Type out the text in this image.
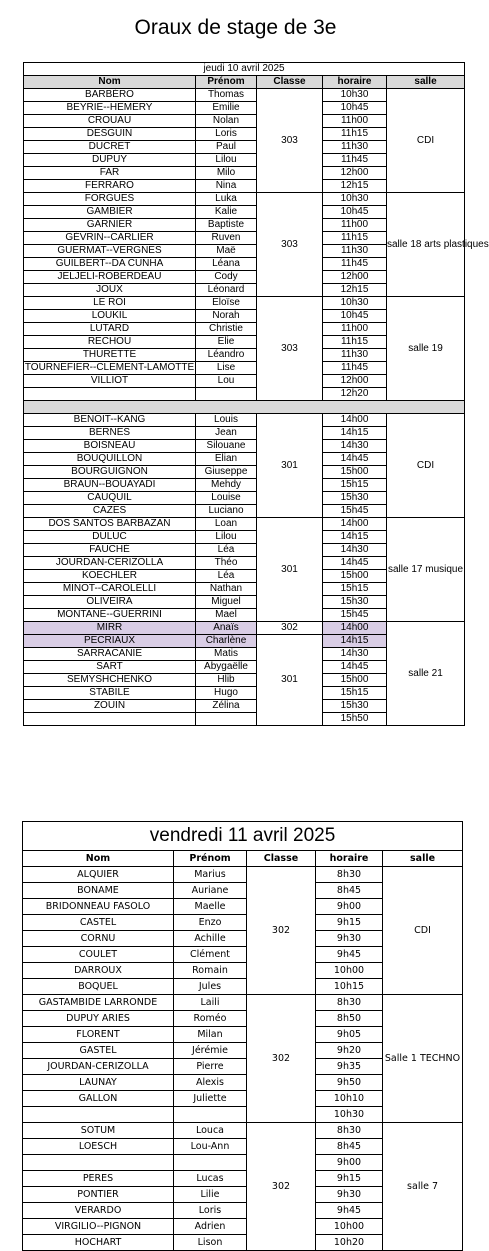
Oraux de stage de 3e
jeudi 10 avril 2025				
Nom	Prénom	Classe	horaire	salle
BARBÉRO	Thomas	303	10h30	CDI
BEYRIE--HEMERY	Emilie		10h45	
CROUAU	Nolan		11h00	
DESGUIN	Loris		11h15	
DUCRET	Paul		11h30	
DUPUY	Lilou		11h45	
FAR	Milo		12h00	
FERRARO	Nina		12h15	
FORGUES	Luka	303	10h30	salle 18 arts plastiques
GAMBIER	Kalie		10h45	
GARNIER	Baptiste		11h00	
GÉVRIN--CARLIER	Ruven		11h15	
GUERMAT--VERGNES	Maë		11h30	
GUILBERT--DA CUNHA	Léana		11h45	
JELJELI-ROBERDEAU	Cody		12h00	
JOUX	Léonard		12h15	
LE ROI	Eloïse	303	10h30	salle 19
LOUKIL	Norah		10h45	
LUTARD	Christie		11h00	
RECHOU	Elie		11h15	
THURETTE	Léandro		11h30	
TOURNEFIER--CLEMENT-LAMOTTE	Lise		11h45	
VILLIOT	Lou		12h00	
			12h20	

BENOIT--KANG	Louis	301	14h00	CDI
BERNES	Jean		14h15	
BOISNEAU	Silouane		14h30	
BOUQUILLON	Elian		14h45	
BOURGUIGNON	Giuseppe		15h00	
BRAUN--BOUAYADI	Mehdy		15h15	
CAUQUIL	Louise		15h30	
CAZES	Luciano		15h45	
DOS SANTOS BARBAZAN	Loan	301	14h00	salle 17 musique
DULUC	Lilou		14h15	
FAUCHÉ	Léa		14h30	
JOURDAN-CERIZOLLA	Théo		14h45	
KOECHLER	Léa		15h00	
MINOT--CAROLELLI	Nathan		15h15	
OLIVEIRA	Miguel		15h30	
MONTANE--GUERRINI	Mael		15h45	
MIRR	Anaïs	302	14h00	salle 21
PECRIAUX	Charlène	301	14h15	
SARRACANIE	Matis		14h30	
SART	Abygaëlle		14h45	
SEMYSHCHENKO	Hlib		15h00	
STABILE	Hugo		15h15	
ZOUIN	Zélina		15h30	
			15h50	
vendredi 11 avril 2025				
Nom	Prénom	Classe	horaire	salle
ALQUIER	Marius	302	8h30	CDI
BONAME	Auriane		8h45	
BRIDONNEAU FASOLO	Maelle		9h00	
CASTEL	Enzo		9h15	
CORNU	Achille		9h30	
COULET	Clément		9h45	
DARROUX	Romain		10h00	
BOQUEL	Jules		10h15	
GASTAMBIDE LARRONDE	Laili	302	8h30	Salle 1 TECHNO
DUPUY ARIES	Roméo		8h50	
FLORENT	Milan		9h05	
GASTEL	Jérémie		9h20	
JOURDAN-CERIZOLLA	Pierre		9h35	
LAUNAY	Alexis		9h50	
GALLON	Juliette		10h10	
			10h30	
SOTUM	Louca	302	8h30	salle 7
LOESCH	Lou-Ann		8h45	
			9h00	
PERES	Lucas		9h15	
PONTIER	Lilie		9h30	
VERARDO	Loris		9h45	
VIRGILIO--PIGNON	Adrien		10h00	
HOCHART	Lison		10h20	
